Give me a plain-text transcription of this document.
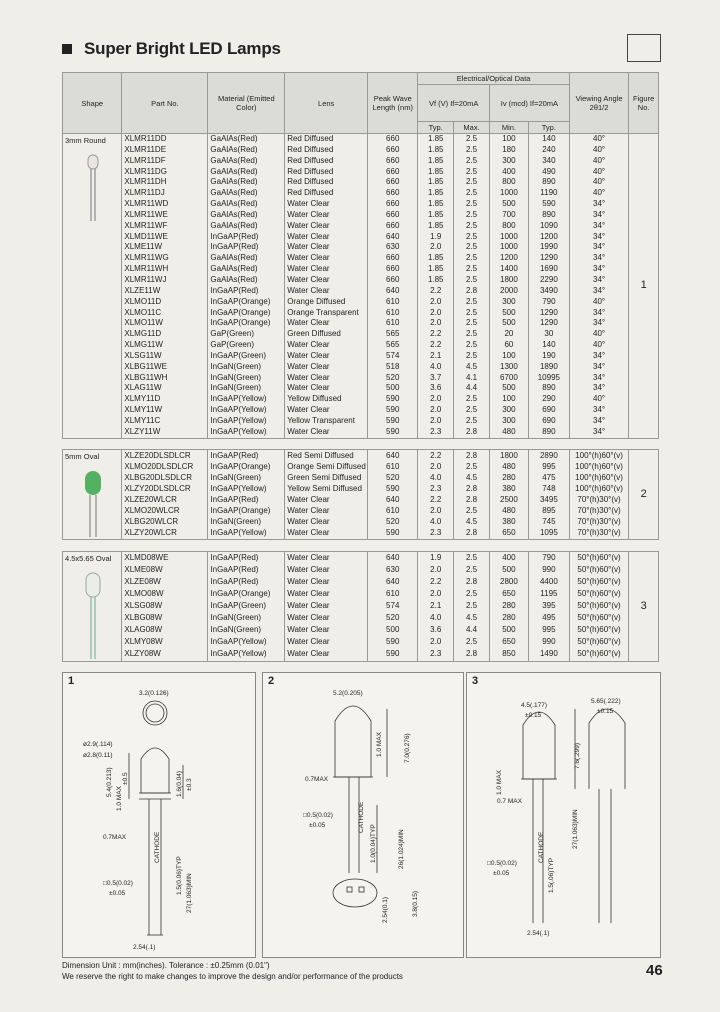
Super Bright LED Lamps
Shape	Part No.	Material (Emitted Color)	Lens	Peak Wave Length (nm)	Electrical/Optical Data				Viewing Angle 2θ1/2	Figure No.
					Vf (V) If=20mA		Iv (mcd) If=20mA			
					Typ.	Max.	Min.	Typ.		

3mm Round	XLMR11DD	GaAlAs(Red)	Red Diffused	660	1.85	2.5	100	140	40°	1
	XLMR11DE	GaAlAs(Red)	Red Diffused	660	1.85	2.5	180	240	40°	
	XLMR11DF	GaAlAs(Red)	Red Diffused	660	1.85	2.5	300	340	40°	
	XLMR11DG	GaAlAs(Red)	Red Diffused	660	1.85	2.5	400	490	40°	
	XLMR11DH	GaAlAs(Red)	Red Diffused	660	1.85	2.5	800	890	40°	
	XLMR11DJ	GaAlAs(Red)	Red Diffused	660	1.85	2.5	1000	1190	40°	
	XLMR11WD	GaAlAs(Red)	Water Clear	660	1.85	2.5	500	590	34°	
	XLMR11WE	GaAlAs(Red)	Water Clear	660	1.85	2.5	700	890	34°	
	XLMR11WF	GaAlAs(Red)	Water Clear	660	1.85	2.5	800	1090	34°	
	XLMD11WE	InGaAP(Red)	Water Clear	640	1.9	2.5	1000	1200	34°	
	XLME11W	InGaAP(Red)	Water Clear	630	2.0	2.5	1000	1990	34°	
	XLMR11WG	GaAlAs(Red)	Water Clear	660	1.85	2.5	1200	1290	34°	
	XLMR11WH	GaAlAs(Red)	Water Clear	660	1.85	2.5	1400	1690	34°	
	XLMR11WJ	GaAlAs(Red)	Water Clear	660	1.85	2.5	1800	2290	34°	
	XLZE11W	InGaAP(Red)	Water Clear	640	2.2	2.8	2000	3490	34°	
	XLMO11D	InGaAP(Orange)	Orange Diffused	610	2.0	2.5	300	790	40°	
	XLMO11C	InGaAP(Orange)	Orange Transparent	610	2.0	2.5	500	1290	34°	
	XLMO11W	InGaAP(Orange)	Water Clear	610	2.0	2.5	500	1290	34°	
	XLMG11D	GaP(Green)	Green Diffused	565	2.2	2.5	20	30	40°	
	XLMG11W	GaP(Green)	Water Clear	565	2.2	2.5	60	140	40°	
	XLSG11W	InGaAP(Green)	Water Clear	574	2.1	2.5	100	190	34°	
	XLBG11WE	InGaN(Green)	Water Clear	518	4.0	4.5	1300	1890	34°	
	XLBG11WH	InGaN(Green)	Water Clear	520	3.7	4.1	6700	10995	34°	
	XLAG11W	InGaN(Green)	Water Clear	500	3.6	4.4	500	890	34°	
	XLMY11D	InGaAP(Yellow)	Yellow Diffused	590	2.0	2.5	100	290	40°	
	XLMY11W	InGaAP(Yellow)	Water Clear	590	2.0	2.5	300	690	34°	
	XLMY11C	InGaAP(Yellow)	Yellow Transparent	590	2.0	2.5	300	690	34°	
	XLZY11W	InGaAP(Yellow)	Water Clear	590	2.3	2.8	480	890	34°	

5mm Oval	XLZE20DLSDLCR	InGaAP(Red)	Red Semi Diffused	640	2.2	2.8	1800	2890	100°(h)60°(v)	2
	XLMO20DLSDLCR	InGaAP(Orange)	Orange Semi Diffused	610	2.0	2.5	480	995	100°(h)60°(v)	
	XLBG20DLSDLCR	InGaN(Green)	Green Semi Diffused	520	4.0	4.5	280	475	100°(h)60°(v)	
	XLZY20DLSDLCR	InGaAP(Yellow)	Yellow Semi Diffused	590	2.3	2.8	380	748	100°(h)60°(v)	
	XLZE20WLCR	InGaAP(Red)	Water Clear	640	2.2	2.8	2500	3495	70°(h)30°(v)	
	XLMO20WLCR	InGaAP(Orange)	Water Clear	610	2.0	2.5	480	895	70°(h)30°(v)	
	XLBG20WLCR	InGaN(Green)	Water Clear	520	4.0	4.5	380	745	70°(h)30°(v)	
	XLZY20WLCR	InGaAP(Yellow)	Water Clear	590	2.3	2.8	650	1095	70°(h)30°(v)	

4.5x5.65 Oval	XLMD08WE	InGaAP(Red)	Water Clear	640	1.9	2.5	400	790	50°(h)60°(v)	3
	XLME08W	InGaAP(Red)	Water Clear	630	2.0	2.5	500	990	50°(h)60°(v)	
	XLZE08W	InGaAP(Red)	Water Clear	640	2.2	2.8	2800	4400	50°(h)60°(v)	
	XLMO08W	InGaAP(Orange)	Water Clear	610	2.0	2.5	650	1195	50°(h)60°(v)	
	XLSG08W	InGaAP(Green)	Water Clear	574	2.1	2.5	280	395	50°(h)60°(v)	
	XLBG08W	InGaN(Green)	Water Clear	520	4.0	4.5	280	495	50°(h)60°(v)	
	XLAG08W	InGaN(Green)	Water Clear	500	3.6	4.4	500	995	50°(h)60°(v)	
	XLMY08W	InGaAP(Yellow)	Water Clear	590	2.0	2.5	650	990	50°(h)60°(v)	
	XLZY08W	InGaAP(Yellow)	Water Clear	590	2.3	2.8	850	1490	50°(h)60°(v)	
1
3.2(0.126)
ø2.9(.114)
ø2.8(0.11)
5.4(0.213)
1.0 MAX
±0.5	1.6(0.04) ±0.3
0.7MAX
□0.5(0.02)
±0.05	1.5(0.06)TYP 27(1.063)MIN
CATHODE
2.54(.1)
2
5.2(0.205)
7.0(0.276)
1.0 MAX
0.7MAX
□0.5(0.02)
±0.05	1.0(0.04)TYP	26(1.024)MIN
CATHODE
2.54(0.1)	3.8(0.15)
3
4.5(.177)
±0.15
5.65(.222)
±0.15
7.6(.299)
1.0 MAX
0.7 MAX
□0.5(0.02)
±0.05	1.5(.06)TYP
27(1.063)MIN
CATHODE
2.54(.1)
Dimension Unit : mm(inches). Tolerance : ±0.25mm (0.01")
We reserve the right to make changes to improve the design and/or performance of the products	46
